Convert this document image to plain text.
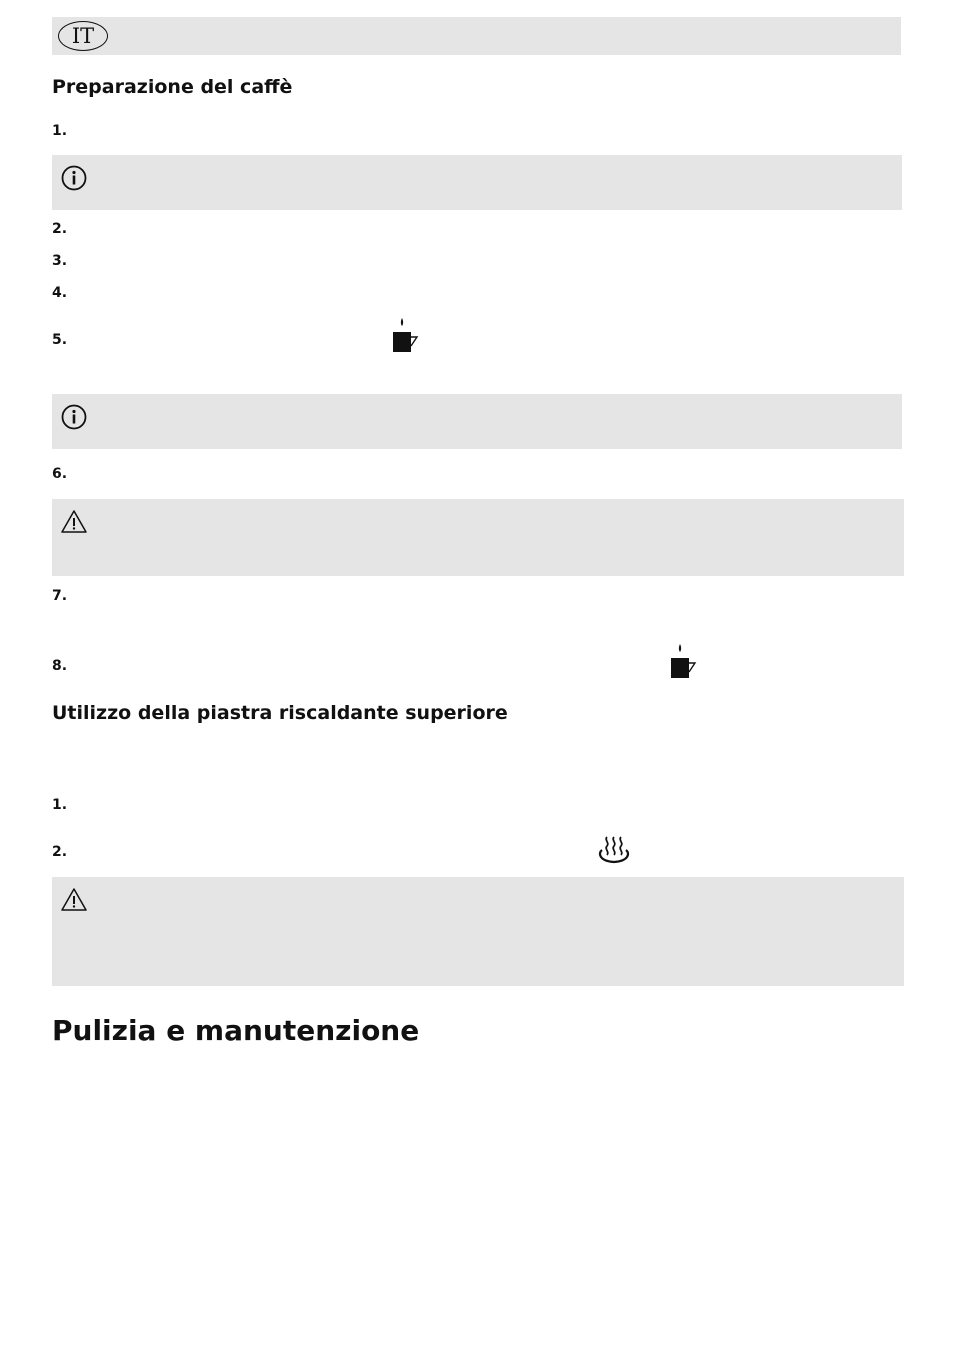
IT
Preparazione del caffè
1.
2.
3.
4.
5.
6.
7.
8.
Utilizzo della piastra riscaldante superiore
1.
2.
Pulizia e manutenzione
